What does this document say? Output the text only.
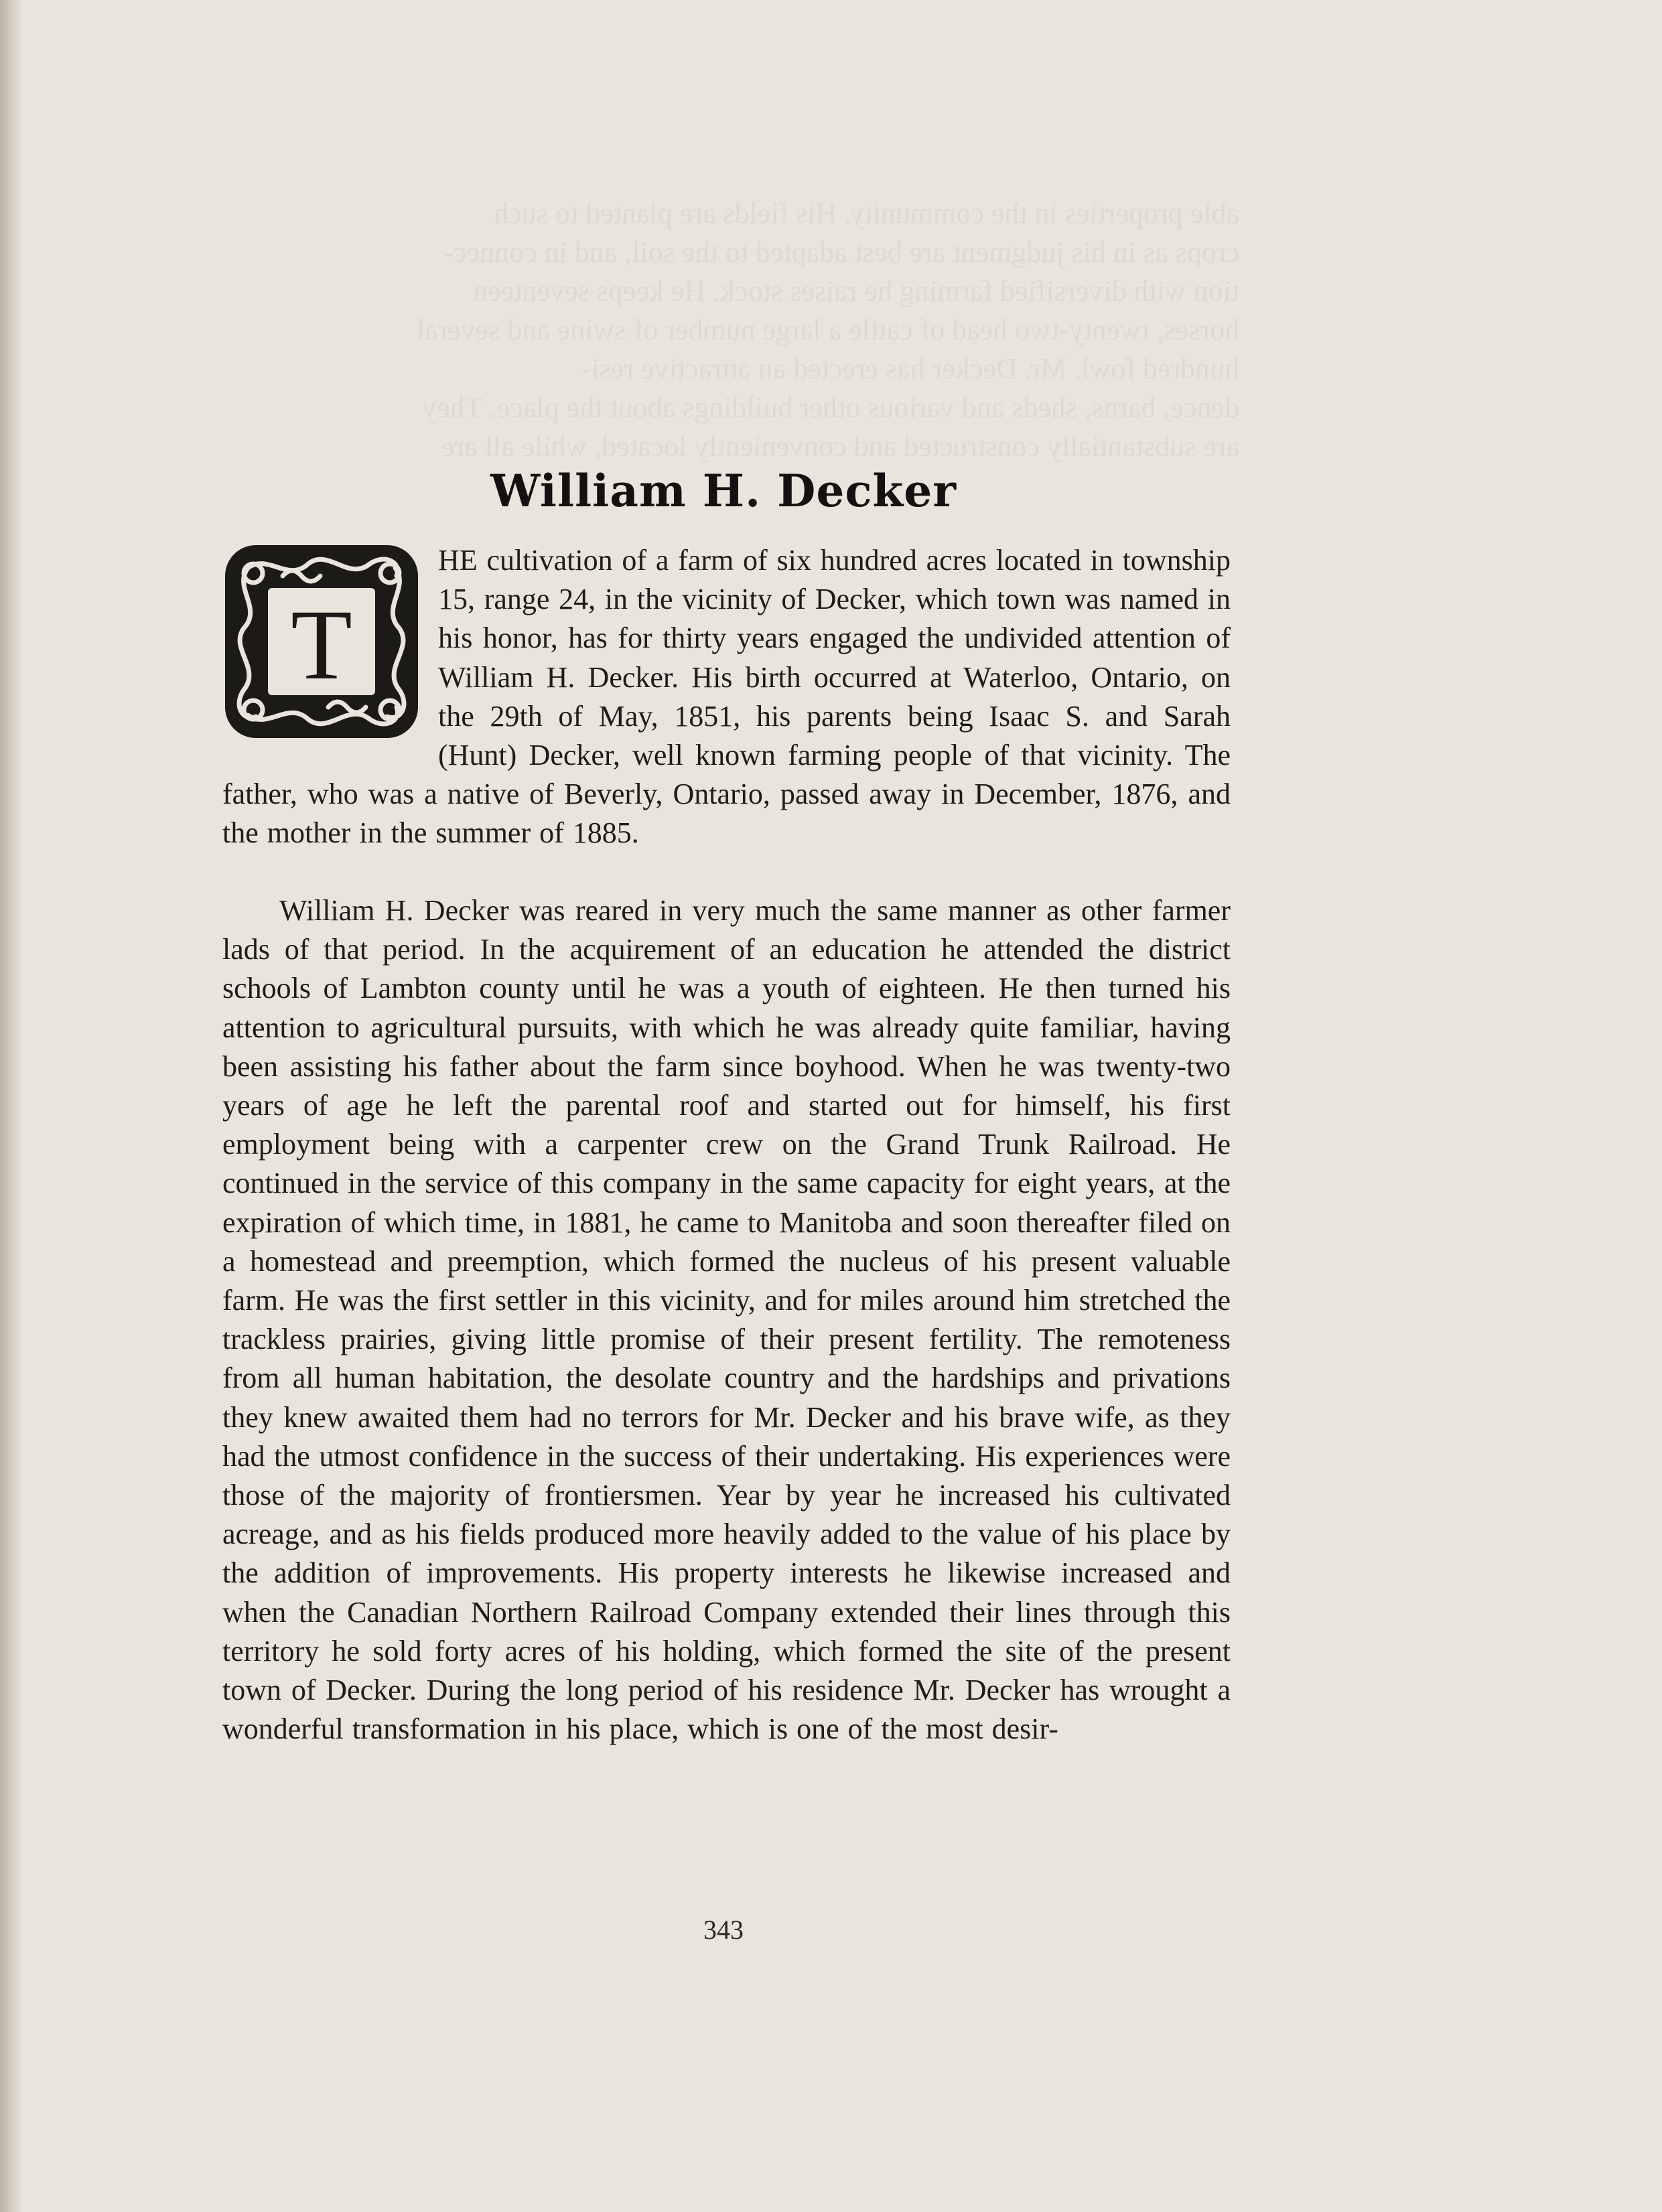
able properties in the community. His fields are planted to such
crops as in his judgment are best adapted to the soil, and in connec-
tion with diversified farming he raises stock. He keeps seventeen
horses, twenty-two head of cattle a large number of swine and several
hundred fowl. Mr. Decker has erected an attractive resi-
dence, barns, sheds and various other buildings about the place. They
are substantially constructed and conveniently located, while all are
William H. Decker
T

HE cultivation of a farm of six hundred acres located in township 15, range 24, in the vicinity of Decker, which town was named in his honor, has for thirty years engaged the undivided attention of William H. Decker. His birth occurred at Waterloo, Ontario, on the 29th of May, 1851, his parents being Isaac S. and Sarah (Hunt) Decker, well known farming people of that vicinity. The father, who was a native of Beverly, Ontario, passed away in December, 1876, and the mother in the summer of 1885.

William H. Decker was reared in very much the same manner as other farmer lads of that period. In the acquirement of an education he attended the district schools of Lambton county until he was a youth of eighteen. He then turned his attention to agricultural pursuits, with which he was already quite familiar, having been assisting his father about the farm since boyhood. When he was twenty-two years of age he left the parental roof and started out for himself, his first employment being with a carpenter crew on the Grand Trunk Railroad. He continued in the service of this company in the same capacity for eight years, at the expiration of which time, in 1881, he came to Manitoba and soon thereafter filed on a homestead and preemption, which formed the nucleus of his present valuable farm. He was the first settler in this vicinity, and for miles around him stretched the trackless prairies, giving little promise of their present fertility. The remoteness from all human habitation, the desolate country and the hardships and privations they knew awaited them had no terrors for Mr. Decker and his brave wife, as they had the utmost confidence in the success of their undertaking. His experiences were those of the majority of frontiersmen. Year by year he increased his cultivated acreage, and as his fields produced more heavily added to the value of his place by the addition of improvements. His property interests he likewise increased and when the Canadian Northern Railroad Company extended their lines through this territory he sold forty acres of his holding, which formed the site of the present town of Decker. During the long period of his residence Mr. Decker has wrought a wonderful transformation in his place, which is one of the most desir-

343
